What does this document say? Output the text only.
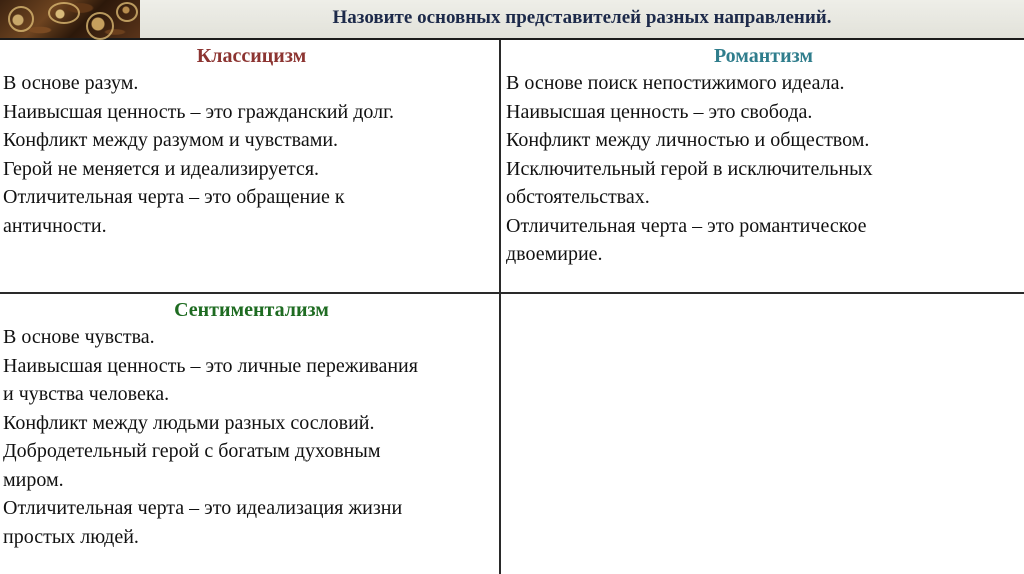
Назовите основных представителей разных направлений.
Классицизм
В основе разум.
Наивысшая ценность – это гражданский долг.
Конфликт между разумом и чувствами.
Герой не меняется и идеализируется.
Отличительная черта – это обращение к
античности.
Романтизм
В основе поиск непостижимого идеала.
Наивысшая ценность – это свобода.
Конфликт между личностью и обществом.
Исключительный герой в исключительных
обстоятельствах.
Отличительная черта – это романтическое
двоемирие.
Сентиментализм
В основе чувства.
Наивысшая ценность – это личные переживания
и чувства человека.
Конфликт между людьми разных сословий.
Добродетельный герой с богатым духовным
миром.
Отличительная черта – это идеализация жизни
простых людей.
